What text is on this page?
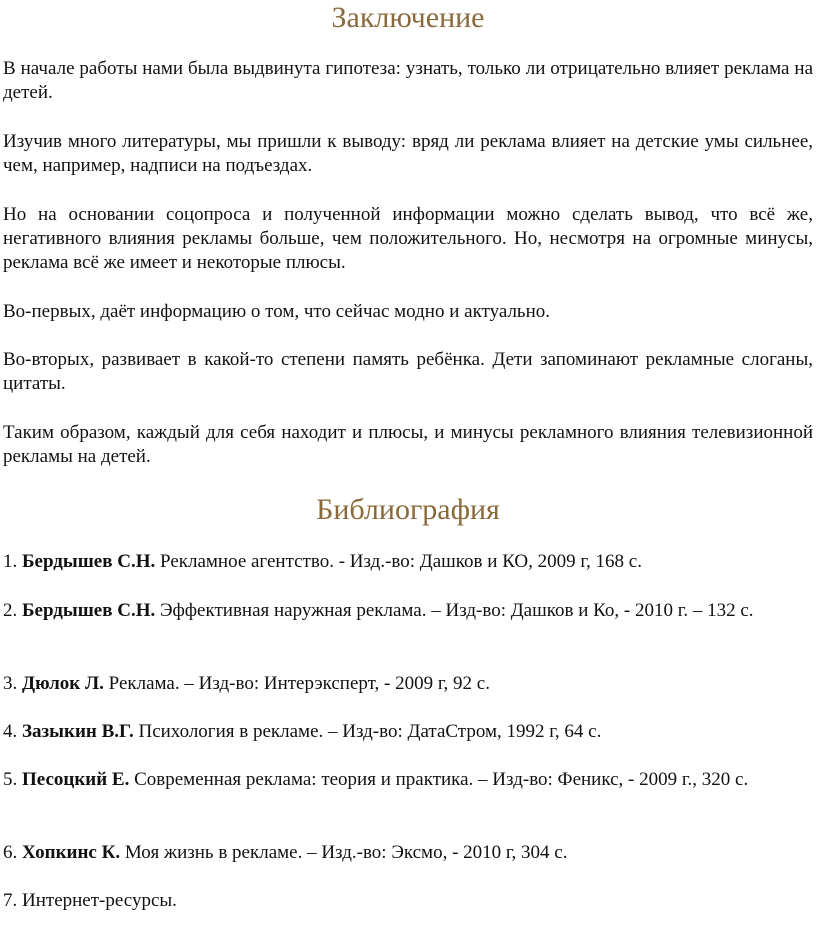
Заключение

В начале работы нами была выдвинута гипотеза: узнать, только ли отрицательно влияет реклама на детей.

Изучив много литературы, мы пришли к выводу: вряд ли реклама влияет на детские умы сильнее, чем, например, надписи на подъездах.

Но на основании соцопроса и полученной информации можно сделать вывод, что всё же, негативного влияния рекламы больше, чем положительного. Но, несмотря на огромные минусы, реклама всё же имеет и некоторые плюсы.

Во-первых, даёт информацию о том, что сейчас модно и актуально.

Во-вторых, развивает в какой-то степени память ребёнка. Дети запоминают рекламные слоганы, цитаты.

Таким образом, каждый для себя находит и плюсы, и минусы рекламного влияния телевизионной рекламы на детей.

Библиография

1. Бердышев С.Н. Рекламное агентство. - Изд.-во: Дашков и КО, 2009 г, 168 с.

2. Бердышев С.Н. Эффективная наружная реклама. – Изд-во: Дашков и Ко, - 2010 г. – 132 с.

3. Дюлок Л. Реклама. – Изд-во: Интерэксперт, - 2009 г, 92 с.

4. Зазыкин В.Г. Психология в рекламе. – Изд-во: ДатаСтром, 1992 г, 64 с.

5. Песоцкий Е. Современная реклама: теория и практика. – Изд-во: Феникс, - 2009 г., 320 с.

6. Хопкинс К. Моя жизнь в рекламе. – Изд.-во: Эксмо, - 2010 г, 304 с.

7. Интернет-ресурсы.
